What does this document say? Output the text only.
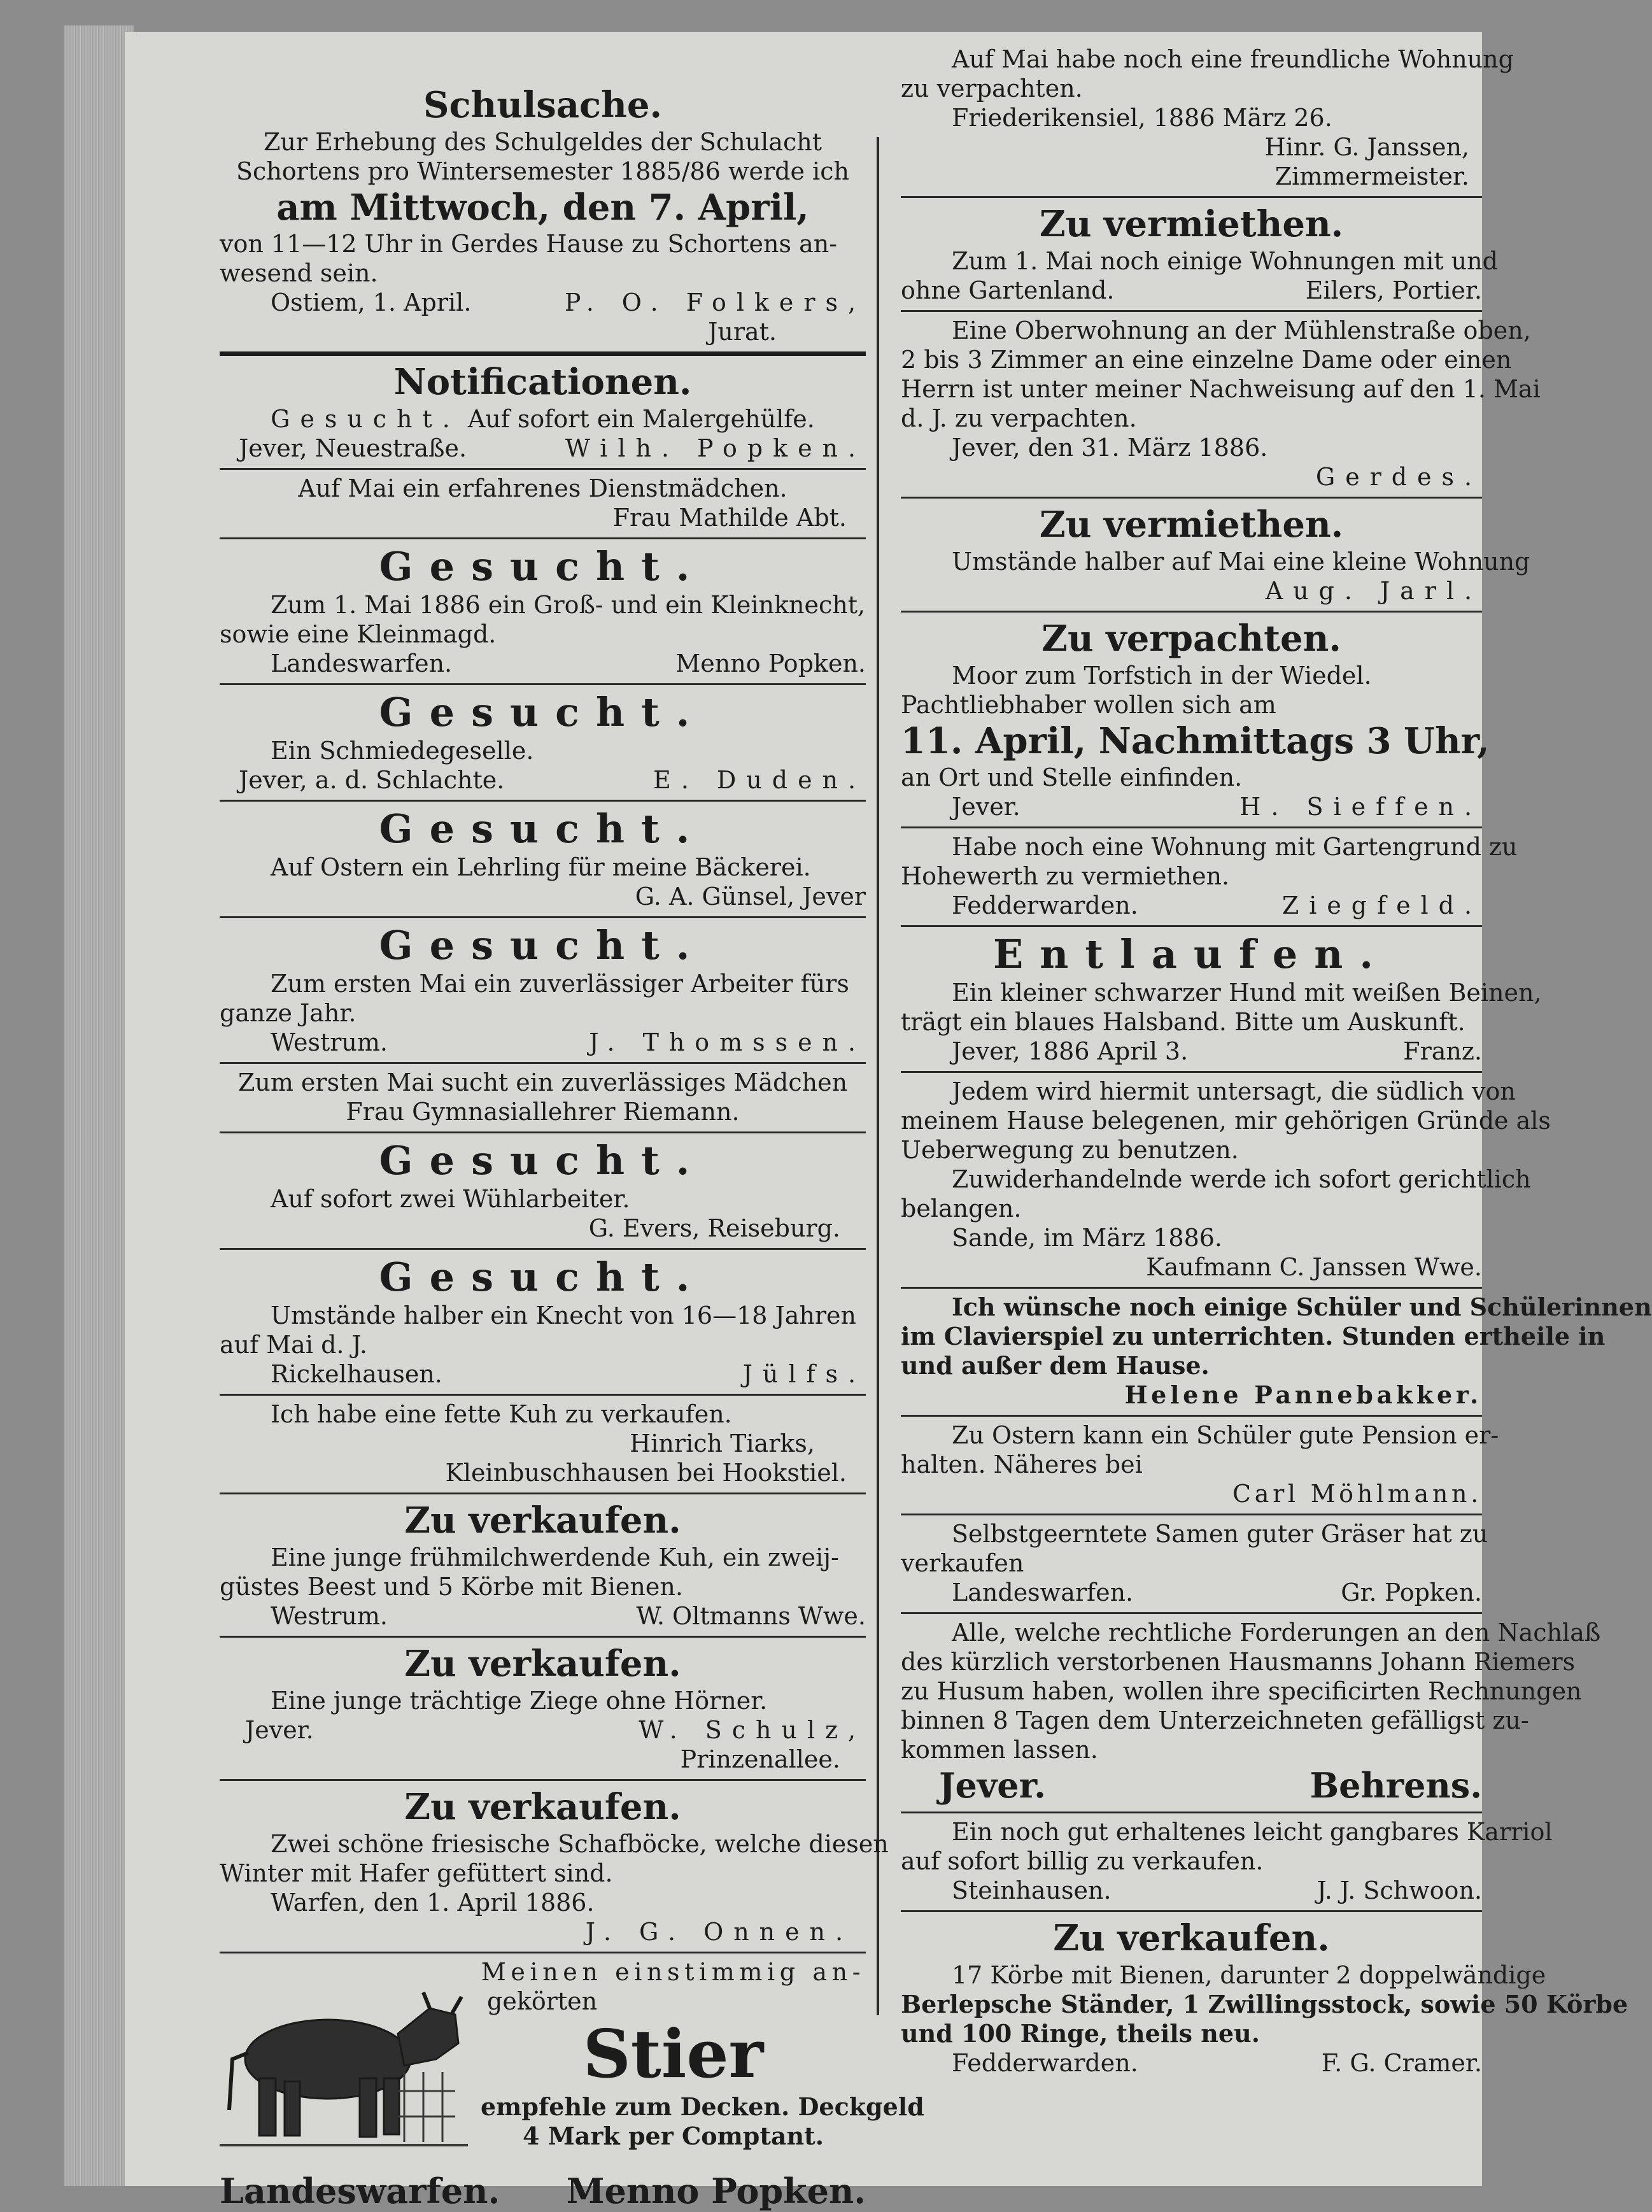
Schulsache.
Zur Erhebung des Schulgeldes der Schulacht
Schortens pro Wintersemester 1885/86 werde ich
am Mittwoch, den 7. April,
von 11—12 Uhr in Gerdes Hause zu Schortens an-
wesend sein.
Ostiem, 1. April.	P. O. Folkers,
Jurat.
Notificationen.
Gesucht. Auf sofort ein Malergehülfe.
Jever, Neuestraße.	Wilh. Popken.
Auf Mai ein erfahrenes Dienstmädchen.
Frau Mathilde Abt.
Gesucht.
Zum 1. Mai 1886 ein Groß- und ein Kleinknecht,
sowie eine Kleinmagd.
Landeswarfen.	Menno Popken.
Gesucht.
Ein Schmiedegeselle.
Jever, a. d. Schlachte.	E. Duden.
Gesucht.
Auf Ostern ein Lehrling für meine Bäckerei.
G. A. Günsel, Jever
Gesucht.
Zum ersten Mai ein zuverlässiger Arbeiter fürs
ganze Jahr.
Westrum.	J. Thomssen.
Zum ersten Mai sucht ein zuverlässiges Mädchen
Frau Gymnasiallehrer Riemann.
Gesucht.
Auf sofort zwei Wühlarbeiter.
G. Evers, Reiseburg.
Gesucht.
Umstände halber ein Knecht von 16—18 Jahren
auf Mai d. J.
Rickelhausen.	Jülfs.
Ich habe eine fette Kuh zu verkaufen.
Hinrich Tiarks,
Kleinbuschhausen bei Hookstiel.
Zu verkaufen.
Eine junge frühmilchwerdende Kuh, ein zweij-
güstes Beest und 5 Körbe mit Bienen.
Westrum.	W. Oltmanns Wwe.
Zu verkaufen.
Eine junge trächtige Ziege ohne Hörner.
Jever.	W. Schulz,
Prinzenallee.
Zu verkaufen.
Zwei schöne friesische Schafböcke, welche diesen
Winter mit Hafer gefüttert sind.
Warfen, den 1. April 1886.
J. G. Onnen.
Meinen einstimmig an-
gekörten
Stier
empfehle zum Decken. Deckgeld
4 Mark per Comptant.
Landeswarfen. Menno Popken.
Auf Mai habe noch eine freundliche Wohnung
zu verpachten.
Friederikensiel, 1886 März 26.
Hinr. G. Janssen,
Zimmermeister.
Zu vermiethen.
Zum 1. Mai noch einige Wohnungen mit und
ohne Gartenland.	Eilers, Portier.
Eine Oberwohnung an der Mühlenstraße oben,
2 bis 3 Zimmer an eine einzelne Dame oder einen
Herrn ist unter meiner Nachweisung auf den 1. Mai
d. J. zu verpachten.
Jever, den 31. März 1886.
Gerdes.
Zu vermiethen.
Umstände halber auf Mai eine kleine Wohnung
Aug. Jarl.
Zu verpachten.
Moor zum Torfstich in der Wiedel.
Pachtliebhaber wollen sich am
11. April, Nachmittags 3 Uhr,
an Ort und Stelle einfinden.
Jever.	H. Sieffen.
Habe noch eine Wohnung mit Gartengrund zu
Hohewerth zu vermiethen.
Fedderwarden.	Ziegfeld.
Entlaufen.
Ein kleiner schwarzer Hund mit weißen Beinen,
trägt ein blaues Halsband. Bitte um Auskunft.
Jever, 1886 April 3.	Franz.
Jedem wird hiermit untersagt, die südlich von
meinem Hause belegenen, mir gehörigen Gründe als
Ueberwegung zu benutzen.
Zuwiderhandelnde werde ich sofort gerichtlich
belangen.
Sande, im März 1886.
Kaufmann C. Janssen Wwe.
Ich wünsche noch einige Schüler und Schülerinnen
im Clavierspiel zu unterrichten. Stunden ertheile in
und außer dem Hause.
Helene Pannebakker.
Zu Ostern kann ein Schüler gute Pension er-
halten. Näheres bei
Carl Möhlmann.
Selbstgeerntete Samen guter Gräser hat zu
verkaufen
Landeswarfen.	Gr. Popken.
Alle, welche rechtliche Forderungen an den Nachlaß
des kürzlich verstorbenen Hausmanns Johann Riemers
zu Husum haben, wollen ihre specificirten Rechnungen
binnen 8 Tagen dem Unterzeichneten gefälligst zu-
kommen lassen.
Jever.	Behrens.
Ein noch gut erhaltenes leicht gangbares Karriol
auf sofort billig zu verkaufen.
Steinhausen.	J. J. Schwoon.
Zu verkaufen.
17 Körbe mit Bienen, darunter 2 doppelwändige
Berlepsche Ständer, 1 Zwillingsstock, sowie 50 Körbe
und 100 Ringe, theils neu.
Fedderwarden.	F. G. Cramer.
